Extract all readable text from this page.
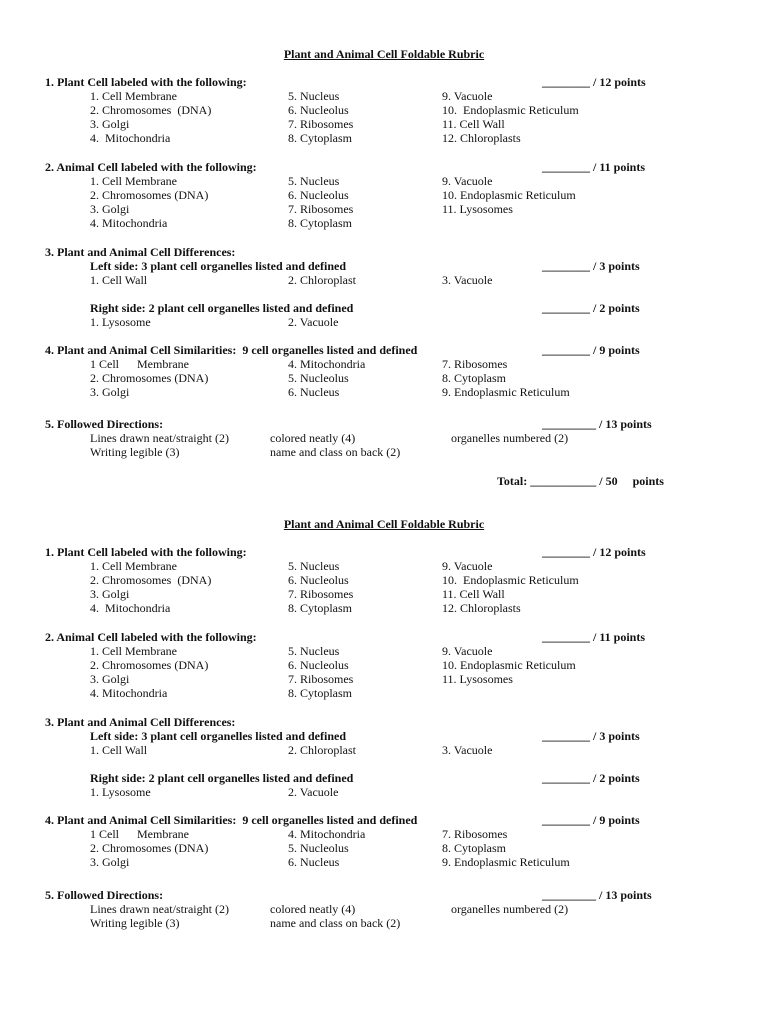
Plant and Animal Cell Foldable Rubric
1. Plant Cell labeled with the following:	________ / 12 points
1. Cell Membrane	5. Nucleus	9. Vacuole
2. Chromosomes  (DNA)	6. Nucleolus	10.  Endoplasmic Reticulum
3. Golgi	7. Ribosomes	11. Cell Wall
4.  Mitochondria	8. Cytoplasm	12. Chloroplasts
2. Animal Cell labeled with the following:	________ / 11 points
1. Cell Membrane	5. Nucleus	9. Vacuole
2. Chromosomes (DNA)	6. Nucleolus	10. Endoplasmic Reticulum
3. Golgi	7. Ribosomes	11. Lysosomes
4. Mitochondria	8. Cytoplasm
3. Plant and Animal Cell Differences:
Left side: 3 plant cell organelles listed and defined	________ / 3 points
1. Cell Wall	2. Chloroplast	3. Vacuole
Right side: 2 plant cell organelles listed and defined	________ / 2 points
1. Lysosome	2. Vacuole
4. Plant and Animal Cell Similarities:  9 cell organelles listed and defined	________ / 9 points
1 Cell      Membrane	4. Mitochondria	7. Ribosomes
2. Chromosomes (DNA)	5. Nucleolus	8. Cytoplasm
3. Golgi	6. Nucleus	9. Endoplasmic Reticulum
5. Followed Directions:	_________ / 13 points
Lines drawn neat/straight (2)	colored neatly (4)	organelles numbered (2)
Writing legible (3)	name and class on back (2)
Total: ___________ / 50     points
Plant and Animal Cell Foldable Rubric
1. Plant Cell labeled with the following:	________ / 12 points
1. Cell Membrane	5. Nucleus	9. Vacuole
2. Chromosomes  (DNA)	6. Nucleolus	10.  Endoplasmic Reticulum
3. Golgi	7. Ribosomes	11. Cell Wall
4.  Mitochondria	8. Cytoplasm	12. Chloroplasts
2. Animal Cell labeled with the following:	________ / 11 points
1. Cell Membrane	5. Nucleus	9. Vacuole
2. Chromosomes (DNA)	6. Nucleolus	10. Endoplasmic Reticulum
3. Golgi	7. Ribosomes	11. Lysosomes
4. Mitochondria	8. Cytoplasm
3. Plant and Animal Cell Differences:
Left side: 3 plant cell organelles listed and defined	________ / 3 points
1. Cell Wall	2. Chloroplast	3. Vacuole
Right side: 2 plant cell organelles listed and defined	________ / 2 points
1. Lysosome	2. Vacuole
4. Plant and Animal Cell Similarities:  9 cell organelles listed and defined	________ / 9 points
1 Cell      Membrane	4. Mitochondria	7. Ribosomes
2. Chromosomes (DNA)	5. Nucleolus	8. Cytoplasm
3. Golgi	6. Nucleus	9. Endoplasmic Reticulum
5. Followed Directions:	_________ / 13 points
Lines drawn neat/straight (2)	colored neatly (4)	organelles numbered (2)
Writing legible (3)	name and class on back (2)
